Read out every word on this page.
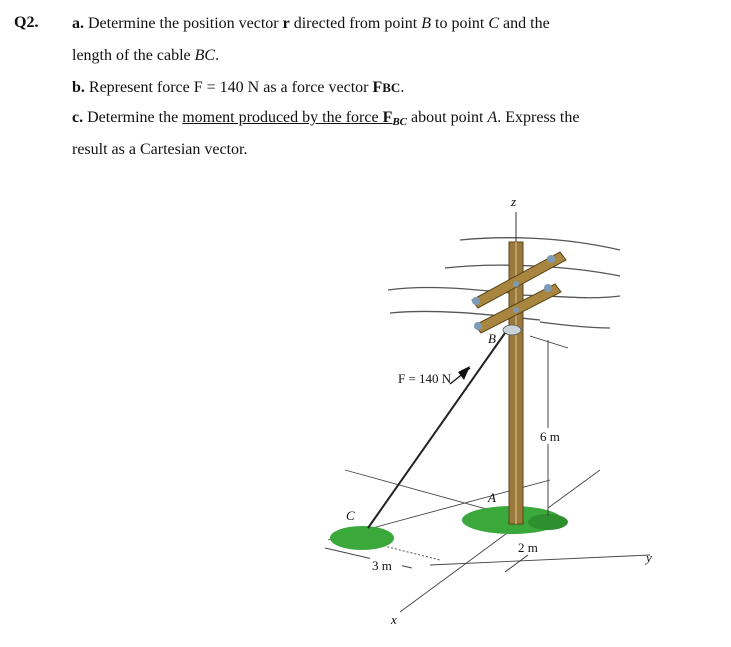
Q2. a. Determine the position vector r directed from point B to point C and the
length of the cable BC.
b. Represent force F = 140 N as a force vector FBC.
c. Determine the moment produced by the force $F_{BC}$ about point A. Express the
result as a Cartesian vector.
z
B
F = 140 N
6 m
A
C
2 m
3 m
y
x
